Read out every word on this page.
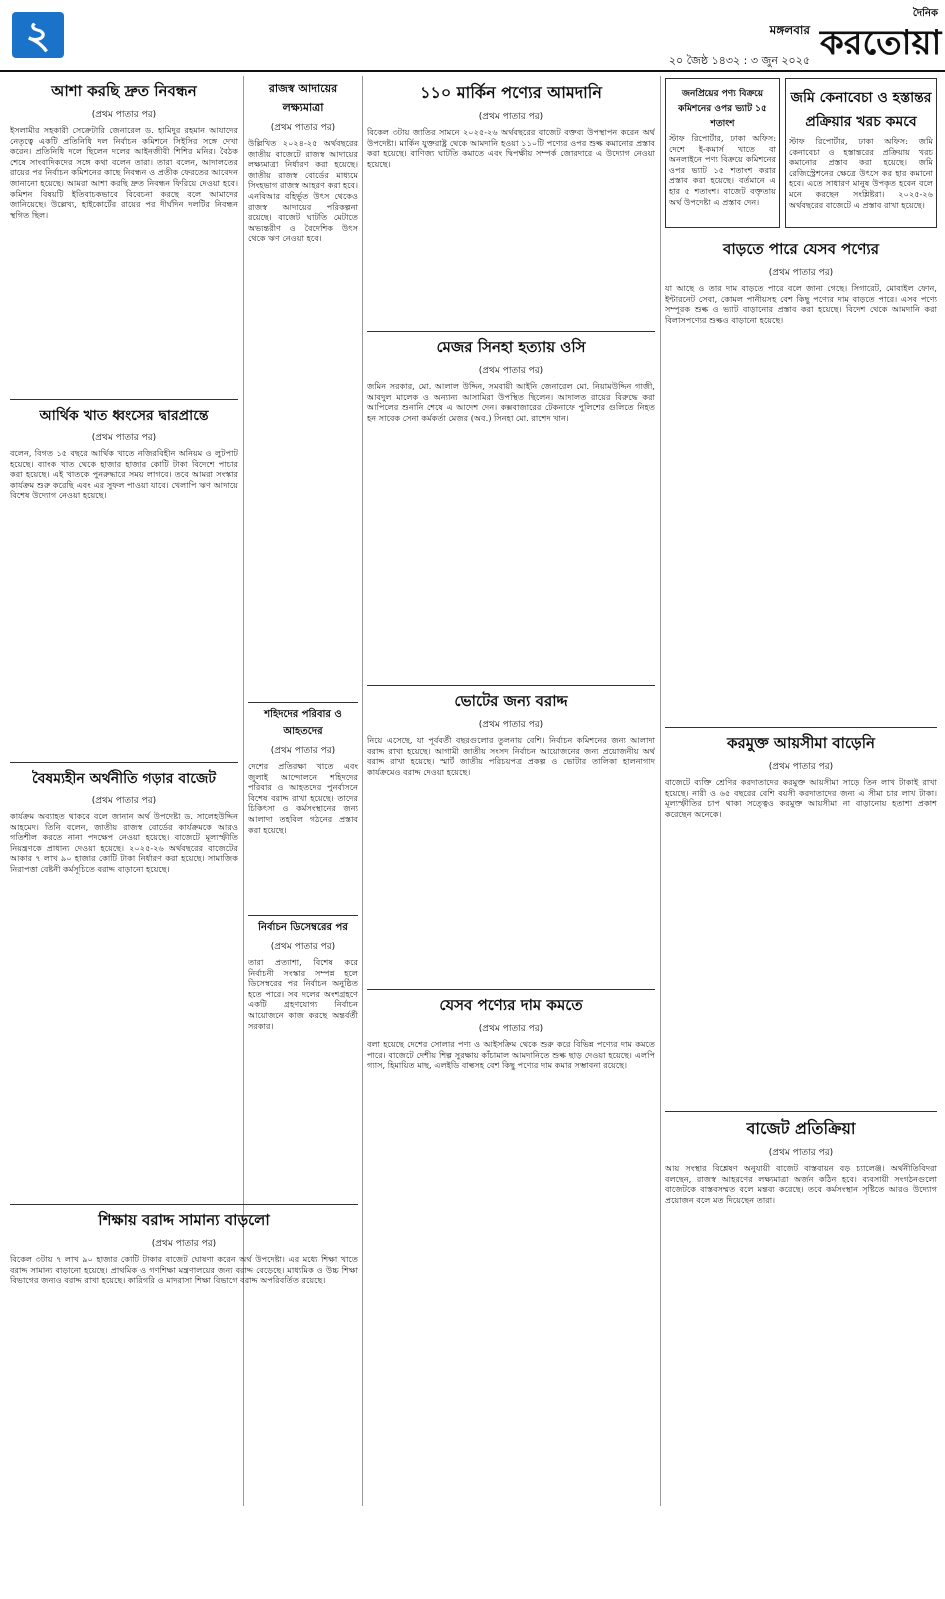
২	মঙ্গলবার
২০ জৈষ্ঠ ১৪৩২ : ৩ জুন ২০২৫
দৈনিক
করতোয়া
আশা করছি দ্রুত নিবন্ধন
(প্রথম পাতার পর)

ইসলামীর সহকারী সেক্রেটারি জেনারেল ড. হামিদুর রহমান আযাদের নেতৃত্বে একটি প্রতিনিধি দল নির্বাচন কমিশনে সিইসির সঙ্গে দেখা করেন। প্রতিনিধি দলে ছিলেন দলের আইনজীবী শিশির মনির। বৈঠক শেষে সাংবাদিকদের সঙ্গে কথা বলেন তারা। তারা বলেন, আদালতের রায়ের পর নির্বাচন কমিশনের কাছে নিবন্ধন ও প্রতীক ফেরতের আবেদন জানানো হয়েছে। আমরা আশা করছি দ্রুত নিবন্ধন ফিরিয়ে দেওয়া হবে। কমিশন বিষয়টি ইতিবাচকভাবে বিবেচনা করছে বলে আমাদের জানিয়েছে। উল্লেখ্য, হাইকোর্টের রায়ের পর দীর্ঘদিন দলটির নিবন্ধন স্থগিত ছিল।

আর্থিক খাত ধ্বংসের দ্বারপ্রান্তে
(প্রথম পাতার পর)

বলেন, বিগত ১৫ বছরে আর্থিক খাতে নজিরবিহীন অনিয়ম ও লুটপাট হয়েছে। ব্যাংক খাত থেকে হাজার হাজার কোটি টাকা বিদেশে পাচার করা হয়েছে। এই খাতকে পুনরুদ্ধারে সময় লাগবে। তবে আমরা সংস্কার কার্যক্রম শুরু করেছি এবং এর সুফল পাওয়া যাবে। খেলাপি ঋণ আদায়ে বিশেষ উদ্যোগ নেওয়া হয়েছে।

বৈষম্যহীন অর্থনীতি গড়ার বাজেট
(প্রথম পাতার পর)

কার্যক্রম অব্যাহত থাকবে বলে জানান অর্থ উপদেষ্টা ড. সালেহউদ্দিন আহমেদ। তিনি বলেন, জাতীয় রাজস্ব বোর্ডের কার্যক্রমকে আরও গতিশীল করতে নানা পদক্ষেপ নেওয়া হয়েছে। বাজেটে মূল্যস্ফীতি নিয়ন্ত্রণকে প্রাধান্য দেওয়া হয়েছে। ২০২৫-২৬ অর্থবছরের বাজেটের আকার ৭ লাখ ৯০ হাজার কোটি টাকা নির্ধারণ করা হয়েছে। সামাজিক নিরাপত্তা বেষ্টনী কর্মসূচিতে বরাদ্দ বাড়ানো হয়েছে।

রাজস্ব আদায়ের লক্ষ্যমাত্রা
(প্রথম পাতার পর)

উল্লিখিত ২০২৪-২৫ অর্থবছরের জাতীয় বাজেটে রাজস্ব আদায়ের লক্ষ্যমাত্রা নির্ধারণ করা হয়েছে। জাতীয় রাজস্ব বোর্ডের মাধ্যমে সিংহভাগ রাজস্ব আহরণ করা হবে। এনবিআর বহির্ভূত উৎস থেকেও রাজস্ব আদায়ের পরিকল্পনা রয়েছে। বাজেট ঘাটতি মেটাতে অভ্যন্তরীণ ও বৈদেশিক উৎস থেকে ঋণ নেওয়া হবে।

শহিদদের পরিবার ও আহতদের
(প্রথম পাতার পর)

দেশের প্রতিরক্ষা খাতে এবং জুলাই আন্দোলনে শহিদদের পরিবার ও আহতদের পুনর্বাসনে বিশেষ বরাদ্দ রাখা হয়েছে। তাদের চিকিৎসা ও কর্মসংস্থানের জন্য আলাদা তহবিল গঠনের প্রস্তাব করা হয়েছে।

নির্বাচন ডিসেম্বরের পর
(প্রথম পাতার পর)

তারা প্রত্যাশা, বিশেষ করে নির্বাচনী সংস্কার সম্পন্ন হলে ডিসেম্বরের পর নির্বাচন অনুষ্ঠিত হতে পারে। সব দলের অংশগ্রহণে একটি গ্রহণযোগ্য নির্বাচন আয়োজনে কাজ করছে অন্তর্বর্তী সরকার।

শিক্ষায় বরাদ্দ সামান্য বাড়লো
(প্রথম পাতার পর)

বিকেল ৩টায় ৭ লাখ ৯০ হাজার কোটি টাকার বাজেট ঘোষণা করেন অর্থ উপদেষ্টা। এর মধ্যে শিক্ষা খাতে বরাদ্দ সামান্য বাড়ানো হয়েছে। প্রাথমিক ও গণশিক্ষা মন্ত্রণালয়ের জন্য বরাদ্দ বেড়েছে। মাধ্যমিক ও উচ্চ শিক্ষা বিভাগের জন্যও বরাদ্দ রাখা হয়েছে। কারিগরি ও মাদরাসা শিক্ষা বিভাগে বরাদ্দ অপরিবর্তিত রয়েছে।

১১০ মার্কিন পণ্যের আমদানি
(প্রথম পাতার পর)

বিকেল ৩টায় জাতির সামনে ২০২৫-২৬ অর্থবছরের বাজেট বক্তব্য উপস্থাপন করেন অর্থ উপদেষ্টা। মার্কিন যুক্তরাষ্ট্র থেকে আমদানি হওয়া ১১০টি পণ্যের ওপর শুল্ক কমানোর প্রস্তাব করা হয়েছে। বাণিজ্য ঘাটতি কমাতে এবং দ্বিপক্ষীয় সম্পর্ক জোরদারে এ উদ্যোগ নেওয়া হয়েছে।

মেজর সিনহা হত্যায় ওসি
(প্রথম পাতার পর)

জমিন সরকার, মো. আলাল উদ্দিন, সমবায়ী আইনি জেনারেল মো. নিয়ামউদ্দিন গাজী, আবদুল মালেক ও অন্যান্য আসামিরা উপস্থিত ছিলেন। আদালত রায়ের বিরুদ্ধে করা আপিলের শুনানি শেষে এ আদেশ দেন। কক্সবাজারের টেকনাফে পুলিশের গুলিতে নিহত হন সাবেক সেনা কর্মকর্তা মেজর (অব.) সিনহা মো. রাশেদ খান।

ভোটের জন্য বরাদ্দ
(প্রথম পাতার পর)

নিয়ে এসেছে, যা পূর্ববর্তী বছরগুলোর তুলনায় বেশি। নির্বাচন কমিশনের জন্য আলাদা বরাদ্দ রাখা হয়েছে। আগামী জাতীয় সংসদ নির্বাচন আয়োজনের জন্য প্রয়োজনীয় অর্থ বরাদ্দ রাখা হয়েছে। স্মার্ট জাতীয় পরিচয়পত্র প্রকল্প ও ভোটার তালিকা হালনাগাদ কার্যক্রমেও বরাদ্দ দেওয়া হয়েছে।

যেসব পণ্যের দাম কমতে
(প্রথম পাতার পর)

বলা হয়েছে দেশের সোলার পণ্য ও আইসক্রিম থেকে শুরু করে বিভিন্ন পণ্যের দাম কমতে পারে। বাজেটে দেশীয় শিল্প সুরক্ষায় কাঁচামাল আমদানিতে শুল্ক ছাড় দেওয়া হয়েছে। এলপি গ্যাস, হিমায়িত মাছ, এলইডি বাল্বসহ বেশ কিছু পণ্যের দাম কমার সম্ভাবনা রয়েছে।

জনপ্রিয়ের পণ্য বিক্রয়ে কমিশনের ওপর ভ্যাট ১৫ শতাংশ

স্টাফ রিপোর্টার, ঢাকা অফিস: দেশে ই-কমার্স খাতে বা অনলাইনে পণ্য বিক্রয়ে কমিশনের ওপর ভ্যাট ১৫ শতাংশ করার প্রস্তাব করা হয়েছে। বর্তমানে এ হার ৫ শতাংশ। বাজেট বক্তৃতায় অর্থ উপদেষ্টা এ প্রস্তাব দেন।

জমি কেনাবেচা ও হস্তান্তর প্রক্রিয়ার খরচ কমবে

স্টাফ রিপোর্টার, ঢাকা অফিস: জমি কেনাবেচা ও হস্তান্তরের প্রক্রিয়ায় খরচ কমানোর প্রস্তাব করা হয়েছে। জমি রেজিস্ট্রেশনের ক্ষেত্রে উৎসে কর হার কমানো হবে। এতে সাধারণ মানুষ উপকৃত হবেন বলে মনে করছেন সংশ্লিষ্টরা। ২০২৫-২৬ অর্থবছরের বাজেটে এ প্রস্তাব রাখা হয়েছে।

বাড়তে পারে যেসব পণ্যের
(প্রথম পাতার পর)

যা আছে ও তার দাম বাড়তে পারে বলে জানা গেছে। সিগারেট, মোবাইল ফোন, ইন্টারনেট সেবা, কোমল পানীয়সহ বেশ কিছু পণ্যের দাম বাড়তে পারে। এসব পণ্যে সম্পূরক শুল্ক ও ভ্যাট বাড়ানোর প্রস্তাব করা হয়েছে। বিদেশ থেকে আমদানি করা বিলাসপণ্যের শুল্কও বাড়ানো হয়েছে।

করমুক্ত আয়সীমা বাড়েনি
(প্রথম পাতার পর)

বাজেটে ব্যক্তি শ্রেণির করদাতাদের করমুক্ত আয়সীমা সাড়ে তিন লাখ টাকাই রাখা হয়েছে। নারী ও ৬৫ বছরের বেশি বয়সী করদাতাদের জন্য এ সীমা চার লাখ টাকা। মূল্যস্ফীতির চাপ থাকা সত্ত্বেও করমুক্ত আয়সীমা না বাড়ানোয় হতাশা প্রকাশ করেছেন অনেকে।

বাজেট প্রতিক্রিয়া
(প্রথম পাতার পর)

আয় সংস্থার বিশ্লেষণ অনুযায়ী বাজেট বাস্তবায়ন বড় চ্যালেঞ্জ। অর্থনীতিবিদরা বলছেন, রাজস্ব আহরণের লক্ষ্যমাত্রা অর্জন কঠিন হবে। ব্যবসায়ী সংগঠনগুলো বাজেটকে বাস্তবসম্মত বলে মন্তব্য করেছে। তবে কর্মসংস্থান সৃষ্টিতে আরও উদ্যোগ প্রয়োজন বলে মত দিয়েছেন তারা।
